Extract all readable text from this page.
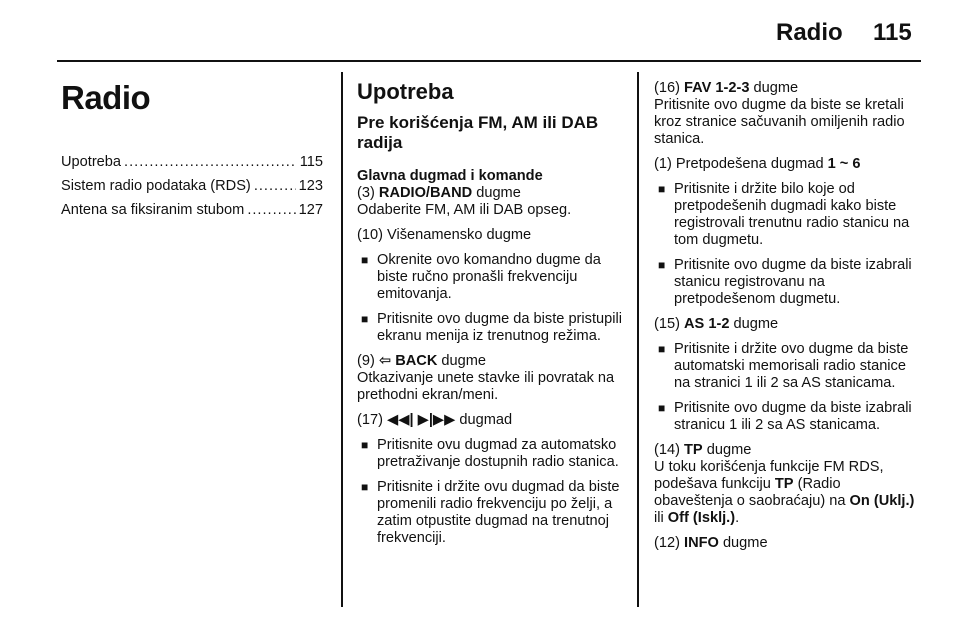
Radio 115
Radio
Upotreba .....	115
Sistem radio podataka (RDS) .....	123
Antena sa fiksiranim stubom .....	127
Upotreba
Pre korišćenja FM, AM ili DAB radija
Glavna dugmad i komande

(3) RADIO/BAND dugme

Odaberite FM, AM ili DAB opseg.

(10) Višenamensko dugme

■ Okrenite ovo komandno dugme da biste ručno pronašli frekvenciju emitovanja.
■ Pritisnite ovo dugme da biste pristupili ekranu menija iz trenutnog režima.

(9) ⇦ BACK dugme

Otkazivanje unete stavke ili povratak na prethodni ekran/meni.

(17) ◀◀| ▶|▶▶ dugmad

■ Pritisnite ovu dugmad za automatsko pretraživanje dostupnih radio stanica.
■ Pritisnite i držite ovu dugmad da biste promenili radio frekvenciju po želji, a zatim otpustite dugmad na trenutnoj frekvenciji.

(16) FAV 1-2-3 dugme

Pritisnite ovo dugme da biste se kretali kroz stranice sačuvanih omiljenih radio stanica.

(1) Pretpodešena dugmad 1 ~ 6

■ Pritisnite i držite bilo koje od pretpodešenih dugmadi kako biste registrovali trenutnu radio stanicu na tom dugmetu.
■ Pritisnite ovo dugme da biste izabrali stanicu registrovanu na pretpodešenom dugmetu.

(15) AS 1-2 dugme

■ Pritisnite i držite ovo dugme da biste automatski memorisali radio stanice na stranici 1 ili 2 sa AS stanicama.
■ Pritisnite ovo dugme da biste izabrali stranicu 1 ili 2 sa AS stanicama.

(14) TP dugme

U toku korišćenja funkcije FM RDS, podešava funkciju TP (Radio obaveštenja o saobraćaju) na On (Uklj.) ili Off (Isklj.).

(12) INFO dugme
